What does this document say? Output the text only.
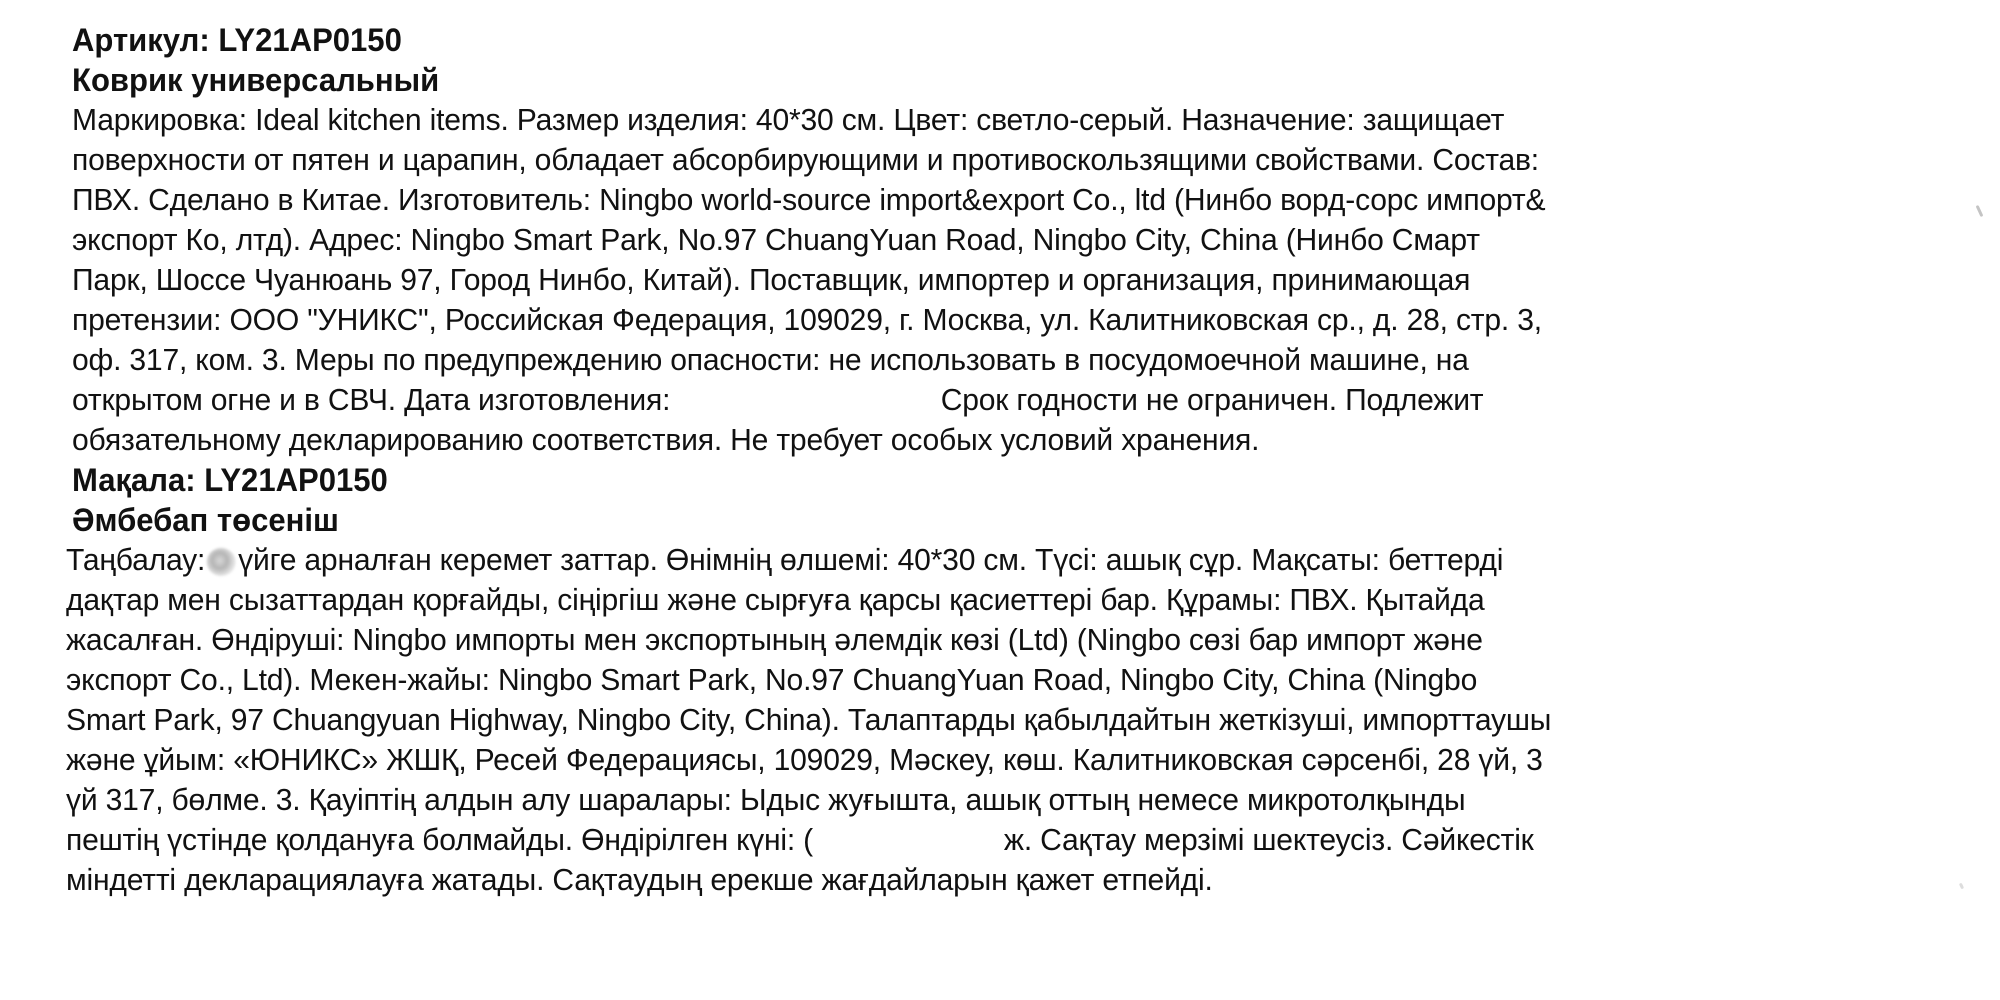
Артикул: LY21AP0150
Коврик универсальный
Маркировка: Ideal kitchen items. Размер изделия: 40*30 см. Цвет: светло-серый. Назначение: защищает
поверхности от пятен и царапин, обладает абсорбирующими и противоскользящими свойствами. Состав:
ПВХ. Сделано в Китае. Изготовитель: Ningbo world-source import&export Co., ltd (Нинбо ворд-сорс импорт&
экспорт Ко, лтд). Адрес: Ningbo Smart Park, No.97 ChuangYuan Road, Ningbo City, China (Нинбо Смарт
Парк, Шоссе Чуанюань 97, Город Нинбо, Китай). Поставщик, импортер и организация, принимающая
претензии: ООО "УНИКС", Российская Федерация, 109029, г. Москва, ул. Калитниковская ср., д. 28, стр. 3,
оф. 317, ком. 3. Меры по предупреждению опасности: не использовать в посудомоечной машине, на
открытом огне и в СВЧ. Дата изготовления:	Срок годности не ограничен. Подлежит
обязательному декларированию соответствия. Не требует особых условий хранения.
Мақала: LY21AP0150
Әмбебап төсеніш
Таңбалау: үйге арналған керемет заттар. Өнімнің өлшемі: 40*30 см. Түсі: ашық сұр. Мақсаты: беттерді
дақтар мен сызаттардан қорғайды, сіңіргіш және сырғуға қарсы қасиеттері бар. Құрамы: ПВХ. Қытайда
жасалған. Өндіруші: Ningbo импорты мен экспортының әлемдік көзі (Ltd) (Ningbo сөзі бар импорт және
экспорт Co., Ltd). Мекен-жайы: Ningbo Smart Park, No.97 ChuangYuan Road, Ningbo City, China (Ningbo
Smart Park, 97 Chuangyuan Highway, Ningbo City, China). Талаптарды қабылдайтын жеткізуші, импорттаушы
және ұйым: «ЮНИКС» ЖШҚ, Ресей Федерациясы, 109029, Мәскеу, көш. Калитниковская сәрсенбі, 28 үй, 3
үй 317, бөлме. 3. Қауіптің алдын алу шаралары: Ыдыс жуғышта, ашық оттың немесе микротолқынды
пештің үстінде қолдануға болмайды. Өндірілген күні: (	ж. Сақтау мерзімі шектеусіз. Сәйкестік
міндетті декларациялауға жатады. Сақтаудың ерекше жағдайларын қажет етпейді.
